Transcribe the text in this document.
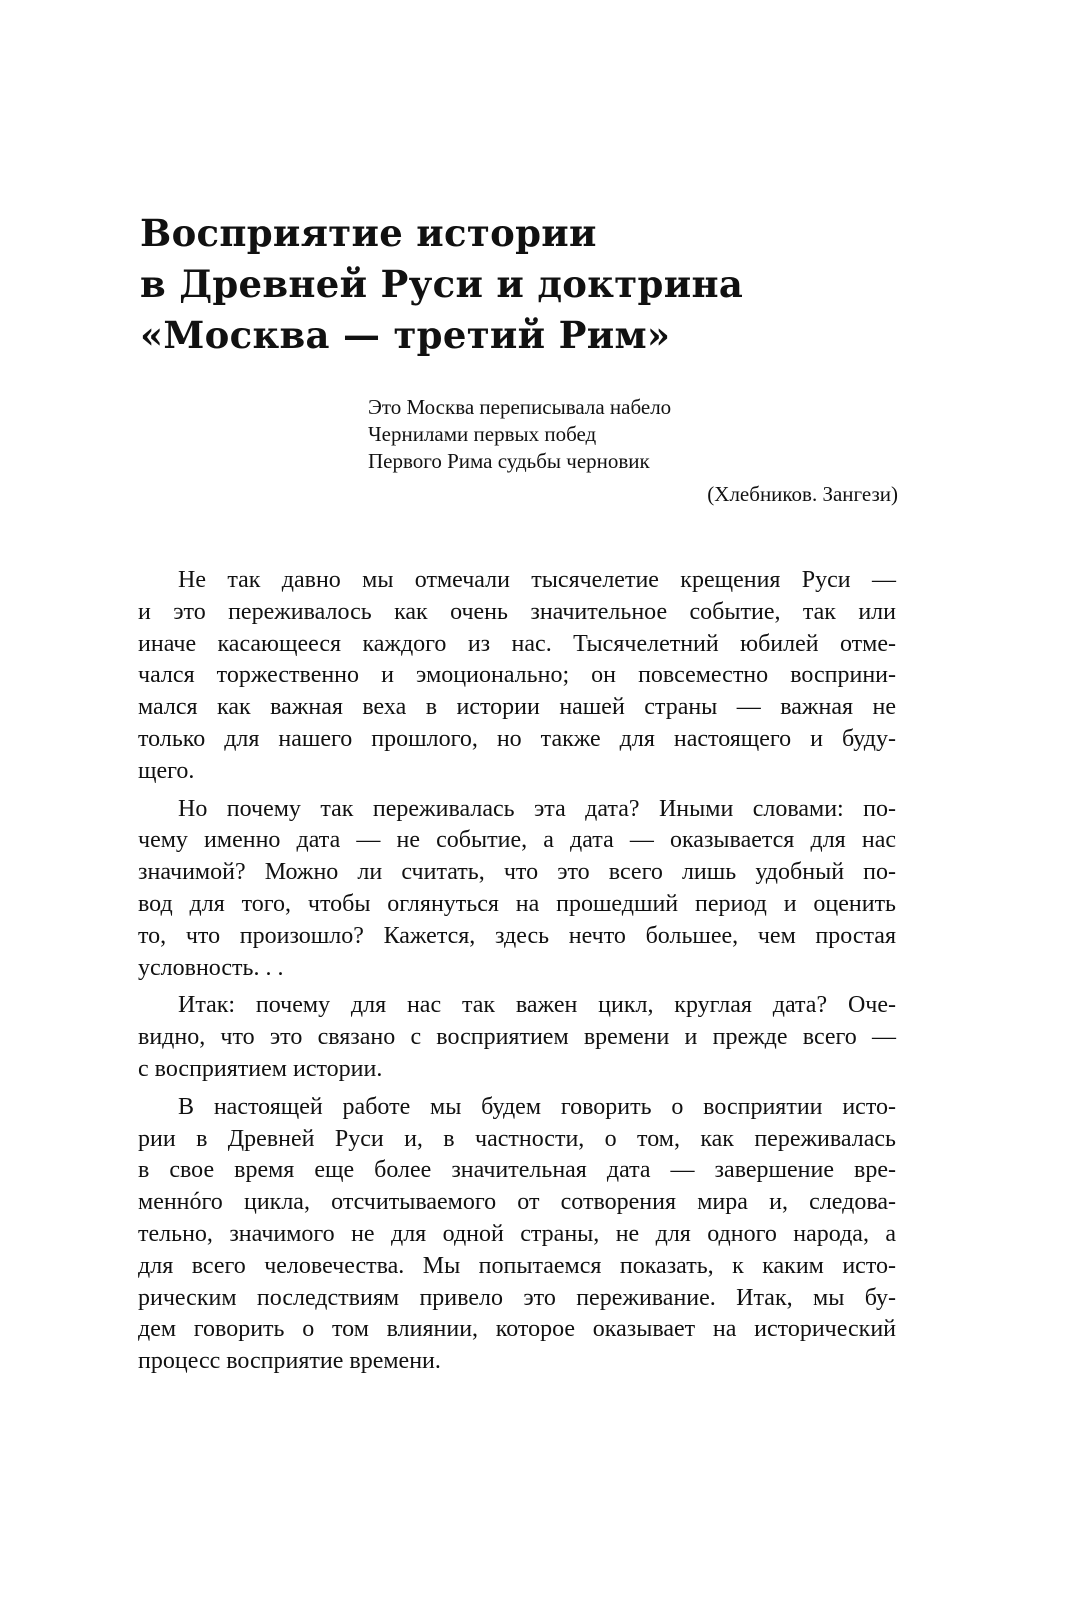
Восприятие истории
в Древней Руси и доктрина
«Москва — третий Рим»
Это Москва переписывала набело
Чернилами первых побед
Первого Рима судьбы черновик
(Хлебников. Зангези)
Не так давно мы отмечали тысячелетие крещения Руси —
и это переживалось как очень значительное событие, так или
иначе касающееся каждого из нас. Тысячелетний юбилей отме-
чался торжественно и эмоционально; он повсеместно восприни-
мался как важная веха в истории нашей страны — важная не
только для нашего прошлого, но также для настоящего и буду-
щего.
Но почему так переживалась эта дата? Иными словами: по-
чему именно дата — не событие, а дата — оказывается для нас
значимой? Можно ли считать, что это всего лишь удобный по-
вод для того, чтобы оглянуться на прошедший период и оценить
то, что произошло? Кажется, здесь нечто большее, чем простая
условность. . .
Итак: почему для нас так важен цикл, круглая дата? Оче-
видно, что это связано с восприятием времени и прежде всего —
с восприятием истории.
В настоящей работе мы будем говорить о восприятии исто-
рии в Древней Руси и, в частности, о том, как переживалась
в свое время еще более значительная дата — завершение вре-
меннóго цикла, отсчитываемого от сотворения мира и, следова-
тельно, значимого не для одной страны, не для одного народа, а
для всего человечества. Мы попытаемся показать, к каким исто-
рическим последствиям привело это переживание. Итак, мы бу-
дем говорить о том влиянии, которое оказывает на исторический
процесс восприятие времени.
